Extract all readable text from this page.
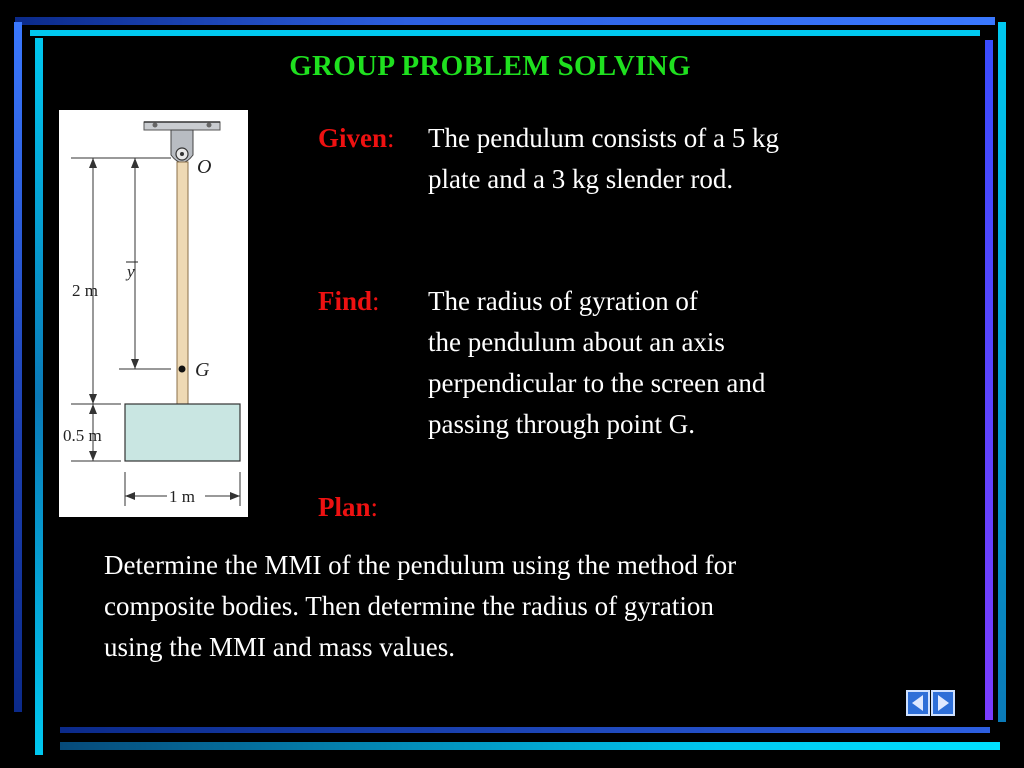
GROUP PROBLEM SOLVING
O
G
y
2 m
0.5 m
1 m
Given: The pendulum consists of a 5 kg
plate and a 3 kg slender rod.
Find: The radius of gyration of
the pendulum about an axis
perpendicular to the screen and
passing through point G.
Plan:
Determine the MMI of the pendulum using the method for
composite bodies. Then determine the radius of gyration
using the MMI and mass values.
